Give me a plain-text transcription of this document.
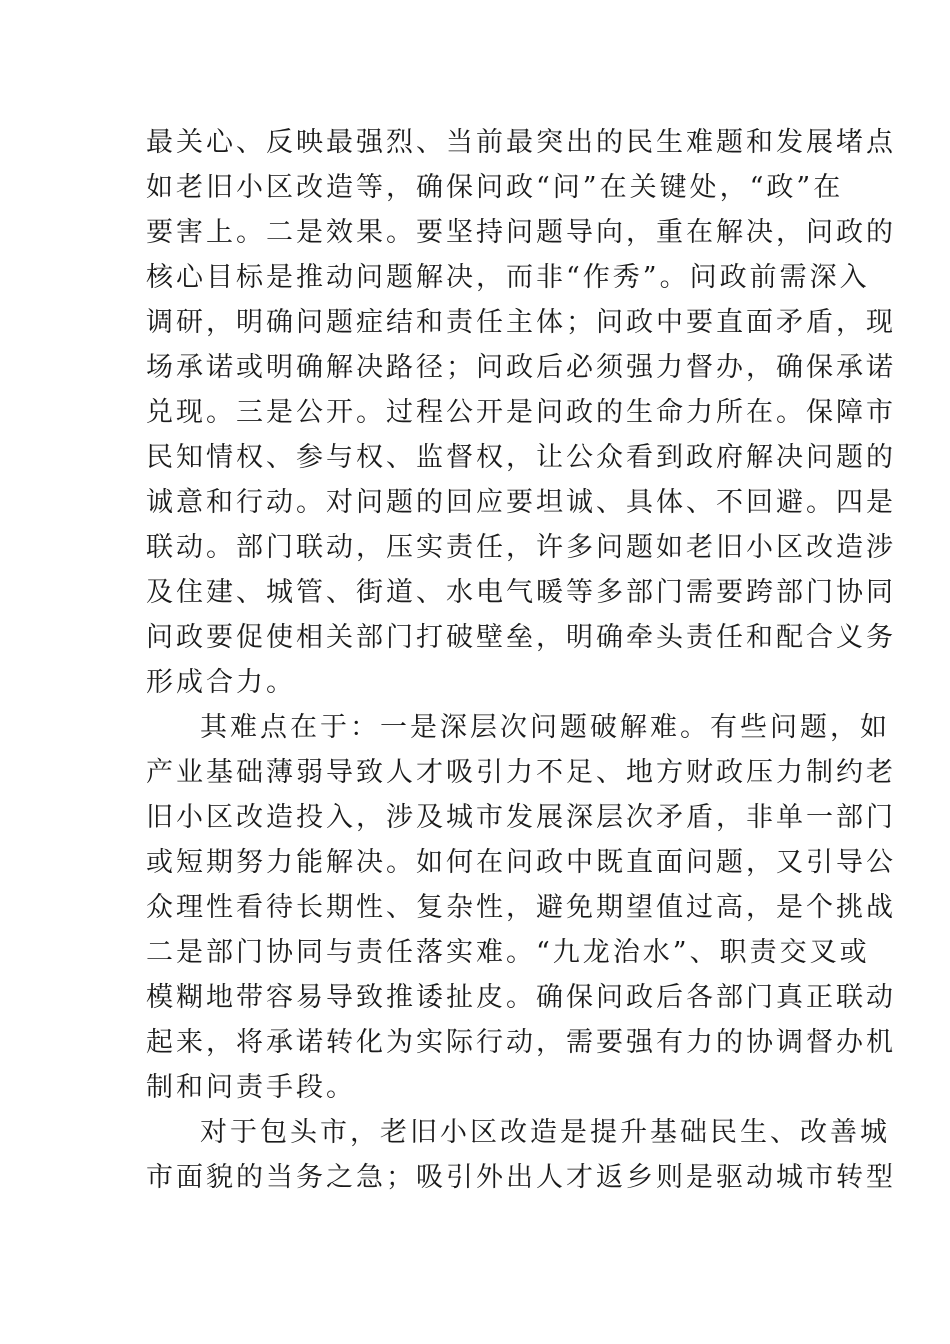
最关心、反映最强烈、当前最突出的民生难题和发展堵点
如老旧小区改造等，确保问政“问”在关键处，“政”在
要害上。二是效果。要坚持问题导向，重在解决，问政的
核心目标是推动问题解决，而非“作秀”。问政前需深入
调研，明确问题症结和责任主体；问政中要直面矛盾，现
场承诺或明确解决路径；问政后必须强力督办，确保承诺
兑现。三是公开。过程公开是问政的生命力所在。保障市
民知情权、参与权、监督权，让公众看到政府解决问题的
诚意和行动。对问题的回应要坦诚、具体、不回避。四是
联动。部门联动，压实责任，许多问题如老旧小区改造涉
及住建、城管、街道、水电气暖等多部门需要跨部门协同
问政要促使相关部门打破壁垒，明确牵头责任和配合义务
形成合力。
其难点在于：一是深层次问题破解难。有些问题，如
产业基础薄弱导致人才吸引力不足、地方财政压力制约老
旧小区改造投入，涉及城市发展深层次矛盾，非单一部门
或短期努力能解决。如何在问政中既直面问题，又引导公
众理性看待长期性、复杂性，避免期望值过高，是个挑战
二是部门协同与责任落实难。“九龙治水”、职责交叉或
模糊地带容易导致推诿扯皮。确保问政后各部门真正联动
起来，将承诺转化为实际行动，需要强有力的协调督办机
制和问责手段。
对于包头市，老旧小区改造是提升基础民生、改善城
市面貌的当务之急；吸引外出人才返乡则是驱动城市转型
